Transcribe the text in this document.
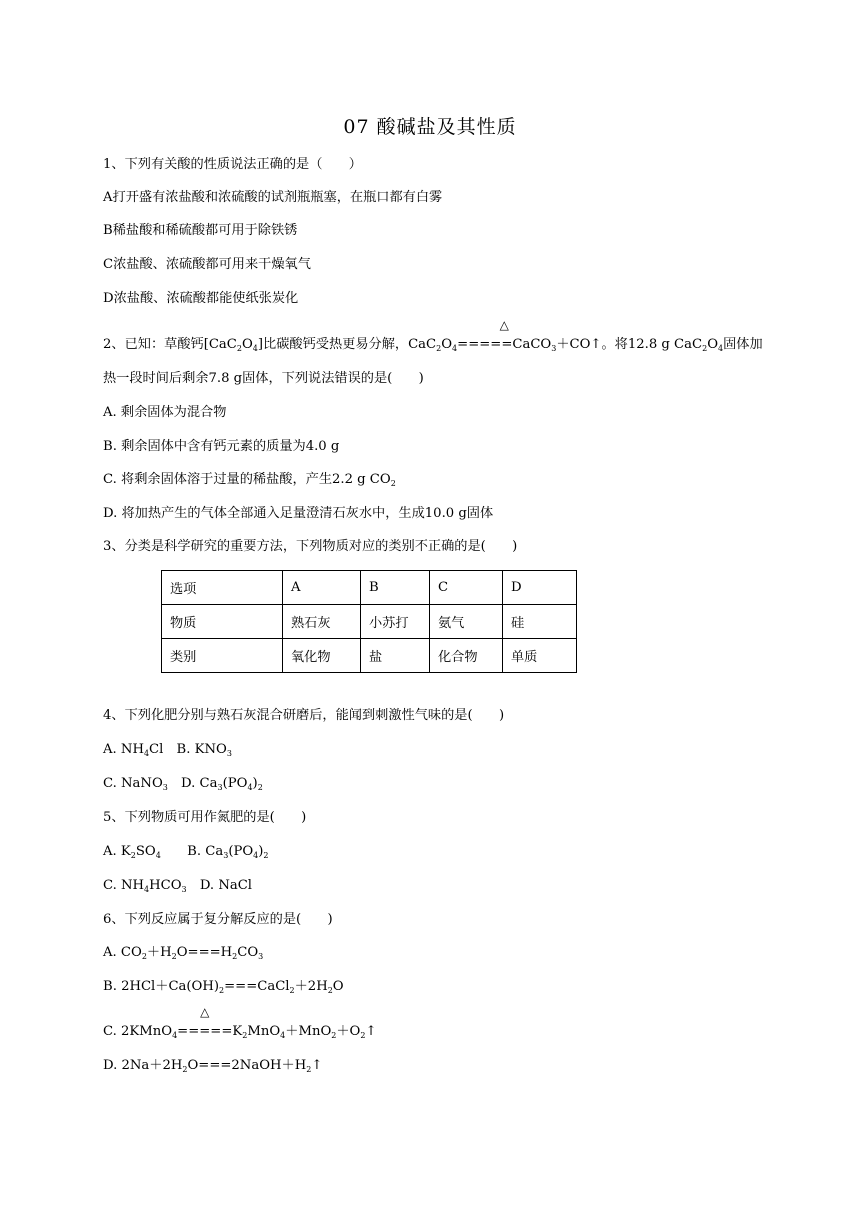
07 酸碱盐及其性质
1、下列有关酸的性质说法正确的是（　　）
A打开盛有浓盐酸和浓硫酸的试剂瓶瓶塞，在瓶口都有白雾
B稀盐酸和稀硫酸都可用于除铁锈
C浓盐酸、浓硫酸都可用来干燥氧气
D浓盐酸、浓硫酸都能使纸张炭化
2、已知：草酸钙$[CaC_2O_4]$比碳酸钙受热更易分解，$CaC_2O_4$
△
=====CaCO$_3$＋CO↑。将12.8 g $CaC_2O_4$固体加
热一段时间后剩余7.8 g固体，下列说法错误的是(　　)
A. 剩余固体为混合物
B. 剩余固体中含有钙元素的质量为4.0 g
C. 将剩余固体溶于过量的稀盐酸，产生2.2 g $CO_2$
D. 将加热产生的气体全部通入足量澄清石灰水中，生成10.0 g固体
3、分类是科学研究的重要方法，下列物质对应的类别不正确的是(　　)
选项	A	B	C	D
物质	熟石灰	小苏打	氨气	硅
类别	氧化物	盐	化合物	单质
4、下列化肥分别与熟石灰混合研磨后，能闻到刺激性气味的是(　　)
A. $NH_4Cl$　B. $KNO_3$
C. NaNO$_3$　D. $Ca_3(PO_4)_2$
5、下列物质可用作氮肥的是(　　)
A. $K_2SO_4$　　B. $Ca_3(PO_4)_2$
C. $NH_4HCO_3$　D. NaCl
6、下列反应属于复分解反应的是(　　)
A. $CO_2+H_2O===H_2CO_3$
B. $2HCl+Ca(OH)_2===CaCl_2+2H_2O$
C. 2KMnO$_4$
△
$=====K_2MnO_4+MnO_2+O_2↑$
D. $2Na+2H_2O===2NaOH+H_2↑$
